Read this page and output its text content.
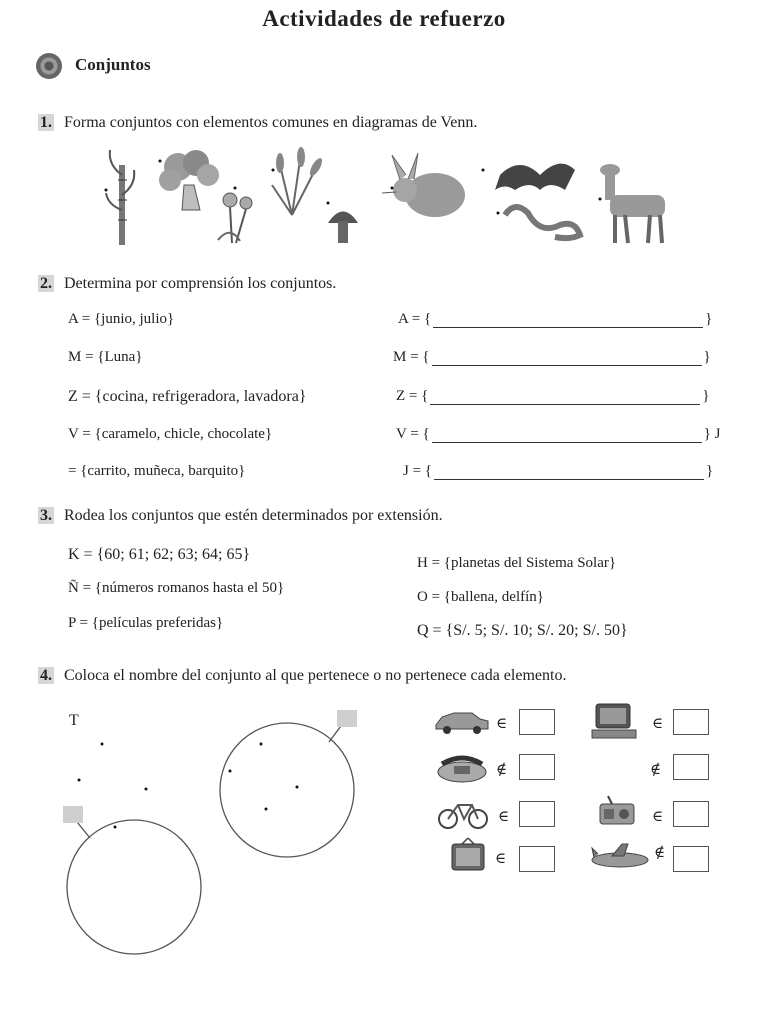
Actividades de refuerzo
Conjuntos
1. Forma conjuntos con elementos comunes en diagramas de Venn.
2. Determina por comprensión los conjuntos.
A = {junio, julio}	A = {	}
M = {Luna}	M = {	}
Z = {cocina, refrigeradora, lavadora}	Z = {	}
V = {caramelo, chicle, chocolate}	V = {	} J
= {carrito, muñeca, barquito}	J = {	}
3. Rodea los conjuntos que estén determinados por extensión.
K = {60; 61; 62; 63; 64; 65}
Ñ = {números romanos hasta el 50}
P = {películas preferidas}
H = {planetas del Sistema Solar}
O = {ballena, delfín}
Q = {S/. 5; S/. 10; S/. 20; S/. 50}
4. Coloca el nombre del conjunto al que pertenece o no pertenece cada elemento.
T	∈	∈
∉	∉
∈	∈
∈	∉
